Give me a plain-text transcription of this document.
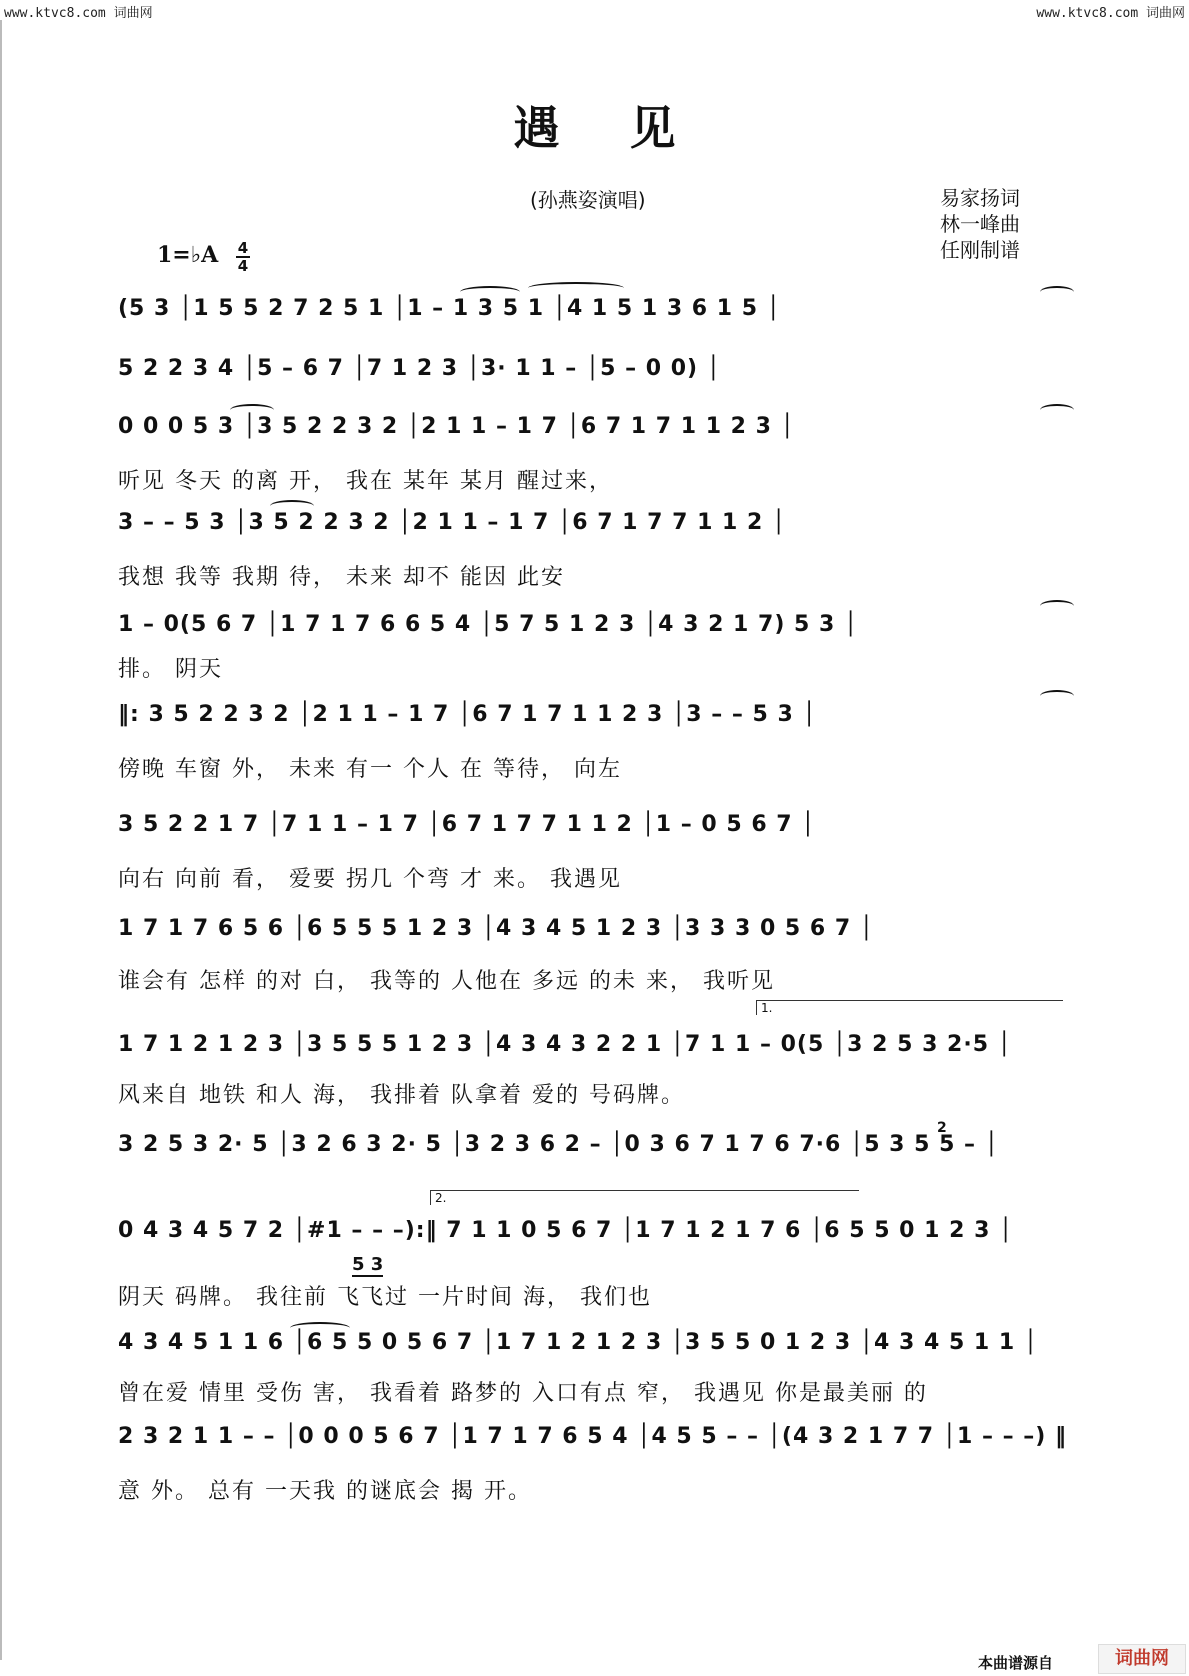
www.ktvc8.com 词曲网	www.ktvc8.com 词曲网
遇见
(孙燕姿演唱)	易家扬词
林一峰曲
任刚制谱
1=♭A 4
4
(5 3 │1 5 5 2 7 2 5 1 │1 – 1 3 5 1 │4 1 5 1 3 6 1 5 │
5 2 2 3 4 │5 – 6 7 │7 1 2 3 │3· 1 1 – │5 – 0 0) │
0 0 0 5 3 │3 5 2 2 3 2 │2 1 1 – 1 7 │6 7 1 7 1 1 2 3 │
听见 冬天 的离 开， 我在 某年 某月 醒过来，
3 – – 5 3 │3 5 2 2 3 2 │2 1 1 – 1 7 │6 7 1 7 7 1 1 2 │
我想 我等 我期 待， 未来 却不 能因 此安
1 – 0(5 6 7 │1 7 1 7 6 6 5 4 │5 7 5 1 2 3 │4 3 2 1 7) 5 3 │
排。 阴天
‖: 3 5 2 2 3 2 │2 1 1 – 1 7 │6 7 1 7 1 1 2 3 │3 – – 5 3 │
傍晚 车窗 外， 未来 有一 个人 在 等待， 向左
3 5 2 2 1 7 │7 1 1 – 1 7 │6 7 1 7 7 1 1 2 │1 – 0 5 6 7 │
向右 向前 看， 爱要 拐几 个弯 才 来。 我遇见
1 7 1 7 6 5 6 │6 5 5 5 1 2 3 │4 3 4 5 1 2 3 │3 3 3 0 5 6 7 │
谁会有 怎样 的对 白， 我等的 人他在 多远 的未 来， 我听见
1 7 1 2 1 2 3 │3 5 5 5 1 2 3 │4 3 4 3 2 2 1 │7 1 1 – 0(5 │3 2 5 3 2·5 │
风来自 地铁 和人 海， 我排着 队拿着 爱的 号码牌。
3 2 5 3 2· 5 │3 2 6 3 2· 5 │3 2 3 6 2 – │0 3 6 7 1 7 6 7·6 │5 3 5 5 – │
0 4 3 4 5 7 2 │#1 – – –):‖ 7 1 1 0 5 6 7 │1 7 1 2 1 7 6 │6 5 5 0 1 2 3 │
阴天 码牌。 我往前 飞飞过 一片时间 海， 我们也
4 3 4 5 1 1 6 │6 5 5 0 5 6 7 │1 7 1 2 1 2 3 │3 5 5 0 1 2 3 │4 3 4 5 1 1 │
曾在爱 情里 受伤 害， 我看着 路梦的 入口有点 窄， 我遇见 你是最美丽 的
2 3 2 1 1 – – │0 0 0 5 6 7 │1 7 1 7 6 5 4 │4 5 5 – – │(4 3 2 1 7 7 │1 – – –) ‖
意 外。 总有 一天我 的谜底会 揭 开。
5 3
1.
2.
2
本曲谱源自	词曲网
